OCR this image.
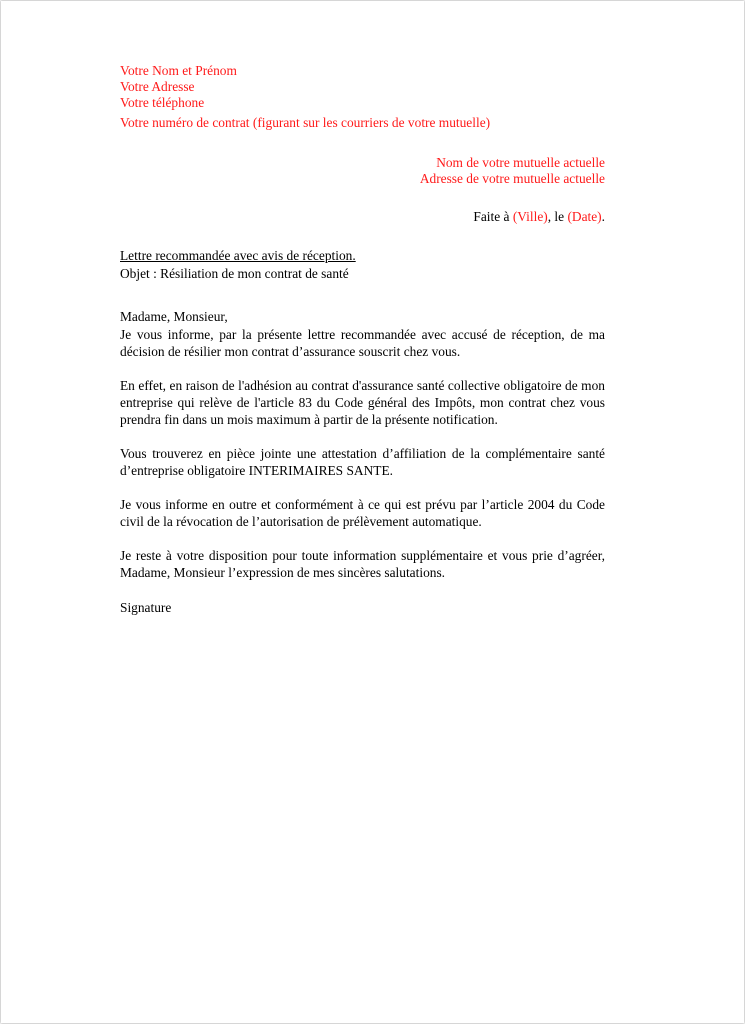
Votre Nom et Prénom
Votre Adresse
Votre téléphone
Votre numéro de contrat (figurant sur les courriers de votre mutuelle)
Nom de votre mutuelle actuelle
Adresse de votre mutuelle actuelle
Faite à (Ville), le (Date).
Lettre recommandée avec avis de réception.
Objet : Résiliation de mon contrat de santé
Madame, Monsieur,

Je vous informe, par la présente lettre recommandée avec accusé de réception, de ma décision de résilier mon contrat d’assurance souscrit chez vous.

En effet, en raison de l'adhésion au contrat d'assurance santé collective obligatoire de mon entreprise qui relève de l'article 83 du Code général des Impôts, mon contrat chez vous prendra fin dans un mois maximum à partir de la présente notification.

Vous trouverez en pièce jointe une attestation d’affiliation de la complémentaire santé d’entreprise obligatoire INTERIMAIRES SANTE.

Je vous informe en outre et conformément à ce qui est prévu par l’article 2004 du Code civil de la révocation de l’autorisation de prélèvement automatique.

Je reste à votre disposition pour toute information supplémentaire et vous prie d’agréer, Madame, Monsieur l’expression de mes sincères salutations.

Signature
